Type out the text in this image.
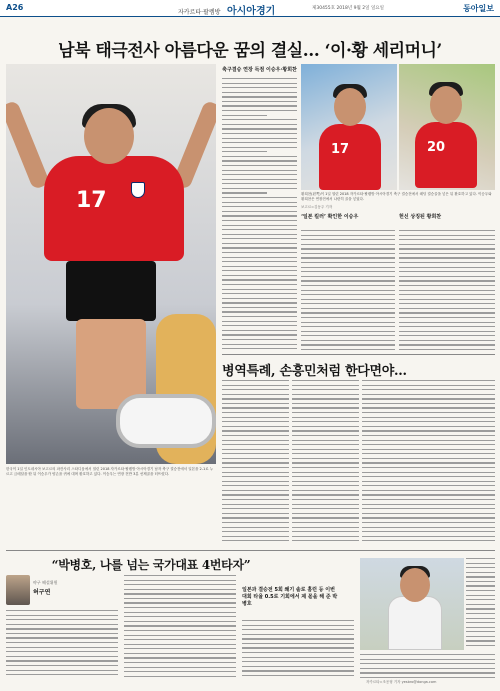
A26
자카르타·팔렘방 아시아경기	제30455호 2018년 9월 2일 일요일	동아일보
남북 태극전사 아름다운 꿈의 결실… ‘이·황 세리머니’
17
한국이 1일 인도네시아 보고르의 파칸사리 스타디움에서 열린 2018 자카르타·팔렘방 아시아경기 남자 축구 결승전에서 일본을 2-1로 누르고 금메달을 딴 뒤 이승우가 양손을 귀에 대며 환호하고 있다. 이승우는 연장 전반 3분 선제골을 터뜨렸다.
축구결승 연장 득점 이승우·황희찬
17	20
황희찬(왼쪽)이 1일 열린 2018 자카르타·팔렘방 아시아경기 축구 결승전에서 헤딩 결승골을 넣은 뒤 환호하고 있다. 이승우와 황희찬은 연장전에서 나란히 골을 넣었다.
보고르=김동주 기자
‘일본 킬러’ 확인한 이승우	헌신 상징된 황희찬
병역특례, 손흥민처럼 한다면야…
“박병호, 나를 넘는 국가대표 4번타자”
야구 해설위원
허구연	일본과 결승전 5회 쐐기 솔로 홈런 등 이번 대회 타율 0.5로 기회에서 제 몫을 해 준 박병호
자카르타=조응형 기자 yesbro@donga.com
